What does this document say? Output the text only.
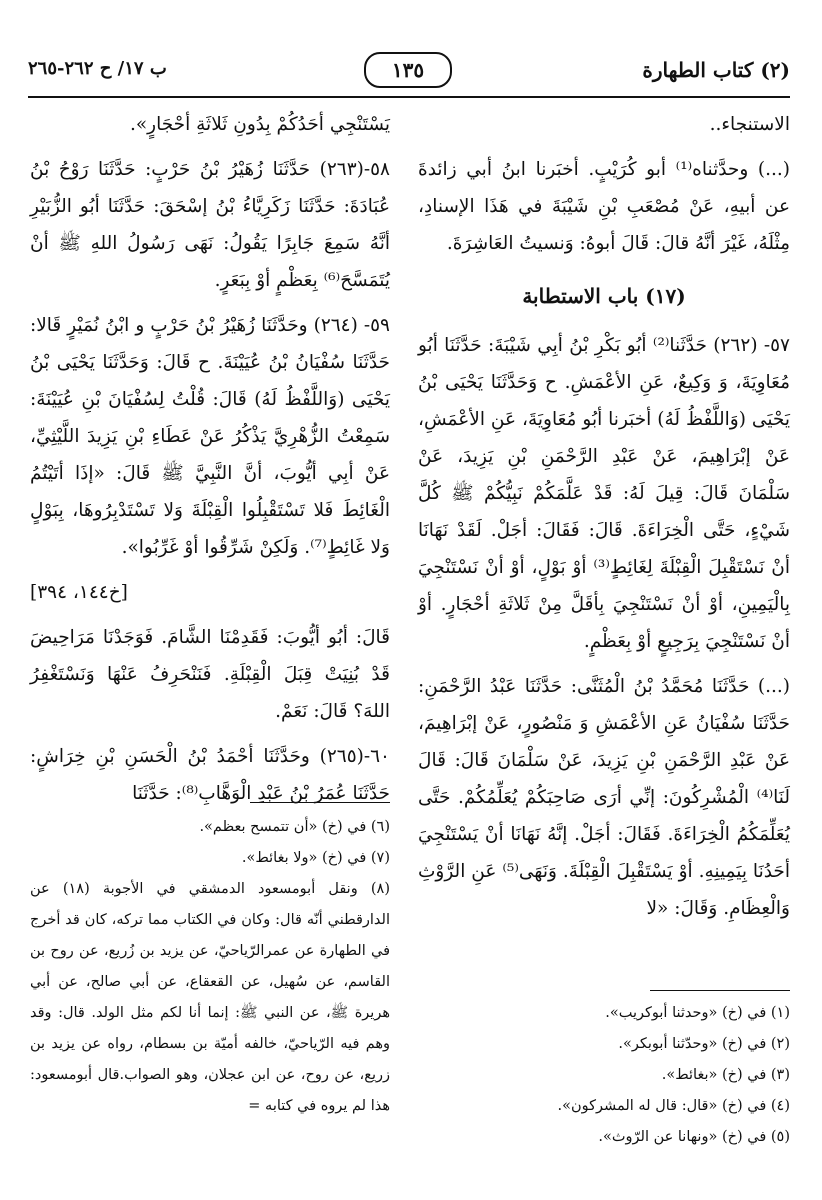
(٢) كتاب الطهارة
١٣٥
ب ١٧/ ح ٢٦٢-٢٦٥

الاستنجاء..

(...) وحدَّثناه⁽¹⁾ أبو كُرَيْبٍ. أخبَرنا ابنُ أبي زائدةَ عن أبيهِ، عَنْ مُصْعَبِ بْنِ شَيْبَةَ في هَذَا الإسنادِ، مِثْلَهُ، غَيْرَ أنَّهُ قالَ: قَالَ أبوهُ: وَنسيتُ العَاشِرَةَ.

(١٧) باب الاستطابة

٥٧- (٢٦٢) حَدَّثَنا⁽²⁾ أبُو بَكْرِ بْنُ أبِي شَيْبَةَ: حَدَّثَنَا أبُو مُعَاوِيَةَ، وَ وَكِيعٌ، عَنِ الأعْمَشِ. ح وَحَدَّثَنَا يَحْيَى بْنُ يَحْيَى (وَاللَّفْظُ لَهُ) أخبَرنا أبُو مُعَاوِيَةَ، عَنِ الأعْمَشِ، عَنْ إبْرَاهِيمَ، عَنْ عَبْدِ الرَّحْمَنِ بْنِ يَزِيدَ، عَنْ سَلْمَانَ قَالَ: قِيلَ لَهُ: قَدْ عَلَّمَكُمْ نَبِيُّكُمْ ﷺ كُلَّ شَيْءٍ، حَتَّى الْخِرَاءَةَ. قَالَ: فَقَالَ: أجَلْ. لَقَدْ نَهَانَا أنْ نَسْتَقْبِلَ الْقِبْلَةَ لِغَائِطٍ⁽³⁾ أوْ بَوْلٍ، أوْ أنْ نَسْتَنْجِيَ بِالْيَمِينِ، أوْ أنْ نَسْتَنْجِيَ بِأقَلَّ مِنْ ثَلاثَةِ أحْجَارٍ. أوْ أنْ نَسْتَنْجِيَ بِرَجِيعٍ أوْ بِعَظْمٍ.

(...) حَدَّثَنَا مُحَمَّدُ بْنُ الْمُثَنَّى: حَدَّثَنَا عَبْدُ الرَّحْمَنِ: حَدَّثَنَا سُفْيَانُ عَنِ الأعْمَشِ وَ مَنْصُورٍ، عَنْ إبْرَاهِيمَ، عَنْ عَبْدِ الرَّحْمَنِ بْنِ يَزِيدَ، عَنْ سَلْمَانَ قَالَ: قَالَ لَنَا⁽⁴⁾ الْمُشْرِكُونَ: إنِّي أرَى صَاحِبَكُمْ يُعَلِّمُكُمْ. حَتَّى يُعَلِّمَكُمُ الْخِرَاءَةَ. فَقَالَ: أجَلْ. إنَّهُ نَهَانَا أنْ يَسْتَنْجِيَ أحَدُنَا بِيَمِينِهِ. أوْ يَسْتَقْبِلَ الْقِبْلَةَ. وَنَهَى⁽⁵⁾ عَنِ الرَّوْثِ وَالْعِظَامِ. وَقَالَ: «لا

يَسْتَنْجِي أحَدُكُمْ بِدُونِ ثَلاثَةِ أحْجَارٍ».

٥٨-(٢٦٣) حَدَّثَنَا زُهَيْرُ بْنُ حَرْبٍ: حَدَّثَنَا رَوْحُ بْنُ عُبَادَةَ: حَدَّثَنَا زَكَرِيَّاءُ بْنُ إسْحَقَ: حَدَّثَنَا أبُو الزُّبَيْرِ أنَّهُ سَمِعَ جَابِرًا يَقُولُ: نَهَى رَسُولُ اللهِ ﷺ أنْ يُتَمَسَّحَ⁽⁶⁾ بِعَظْمٍ أوْ بِبَعَرٍ.

٥٩- (٢٦٤) وحَدَّثَنَا زُهَيْرُ بْنُ حَرْبٍ و ابْنُ نُمَيْرٍ قَالا: حَدَّثَنَا سُفْيَانُ بْنُ عُيَيْنَةَ. ح قَالَ: وَحَدَّثَنَا يَحْيَى بْنُ يَحْيَى (وَاللَّفْظُ لَهُ) قَالَ: قُلْتُ لِسُفْيَانَ بْنِ عُيَيْنَةَ: سَمِعْتُ الزُّهْرِيَّ يَذْكُرُ عَنْ عَطَاءِ بْنِ يَزِيدَ اللَّيْثِيِّ، عَنْ أبِي أيُّوبَ، أنَّ النَّبِيَّ ﷺ قَالَ: «إذَا أتَيْتُمُ الْغَائِطَ فَلا تَسْتَقْبِلُوا الْقِبْلَةَ وَلا تَسْتَدْبِرُوهَا، بِبَوْلٍ وَلا غَائِطٍ⁽⁷⁾. وَلَكِنْ شَرِّقُوا أوْ غَرِّبُوا».

[خ١٤٤، ٣٩٤]

قَالَ: أبُو أيُّوبَ: فَقَدِمْنَا الشَّامَ. فَوَجَدْنَا مَرَاحِيضَ قَدْ بُنِيَتْ قِبَلَ الْقِبْلَةِ. فَنَنْحَرِفُ عَنْهَا وَنَسْتَغْفِرُ اللهَ؟ قَالَ: نَعَمْ.

٦٠-(٢٦٥) وحَدَّثَنَا أحْمَدُ بْنُ الْحَسَنِ بْنِ خِرَاشٍ: حَدَّثَنَا عُمَرُ بْنُ عَبْدِ الْوَهَّابِ⁽⁸⁾: حَدَّثَنَا

(٦) في (خ) «أن تتمسح بعظم».
(٧) في (خ) «ولا بغائط».
(٨) ونقل أبومسعود الدمشقي في الأجوبة (١٨) عن الدارقطني أنّه قال: وكان في الكتاب مما تركه، كان قد أخرج في الطهارة عن عمرالرّياحيّ، عن يزيد بن زُريع، عن روح بن القاسم، عن سُهيل، عن القعقاع، عن أبي صالح، عن أبي هريرة ﷺ، عن النبي ﷺ: إنما أنا لكم مثل الولد. قال: وقد وهم فيه الرّياحيّ، خالفه أميّة بن بسطام، رواه عن يزيد بن زريع، عن روح، عن ابن عجلان، وهو الصواب.قال أبومسعود: هذا لم يروه في كتابه =
(١) في (خ) «وحدثنا أبوكريب».
(٢) في (خ) «وحدّثنا أبوبكر».
(٣) في (خ) «بغائط».
(٤) في (خ) «قال: قال له المشركون».
(٥) في (خ) «ونهانا عن الرّوث».
